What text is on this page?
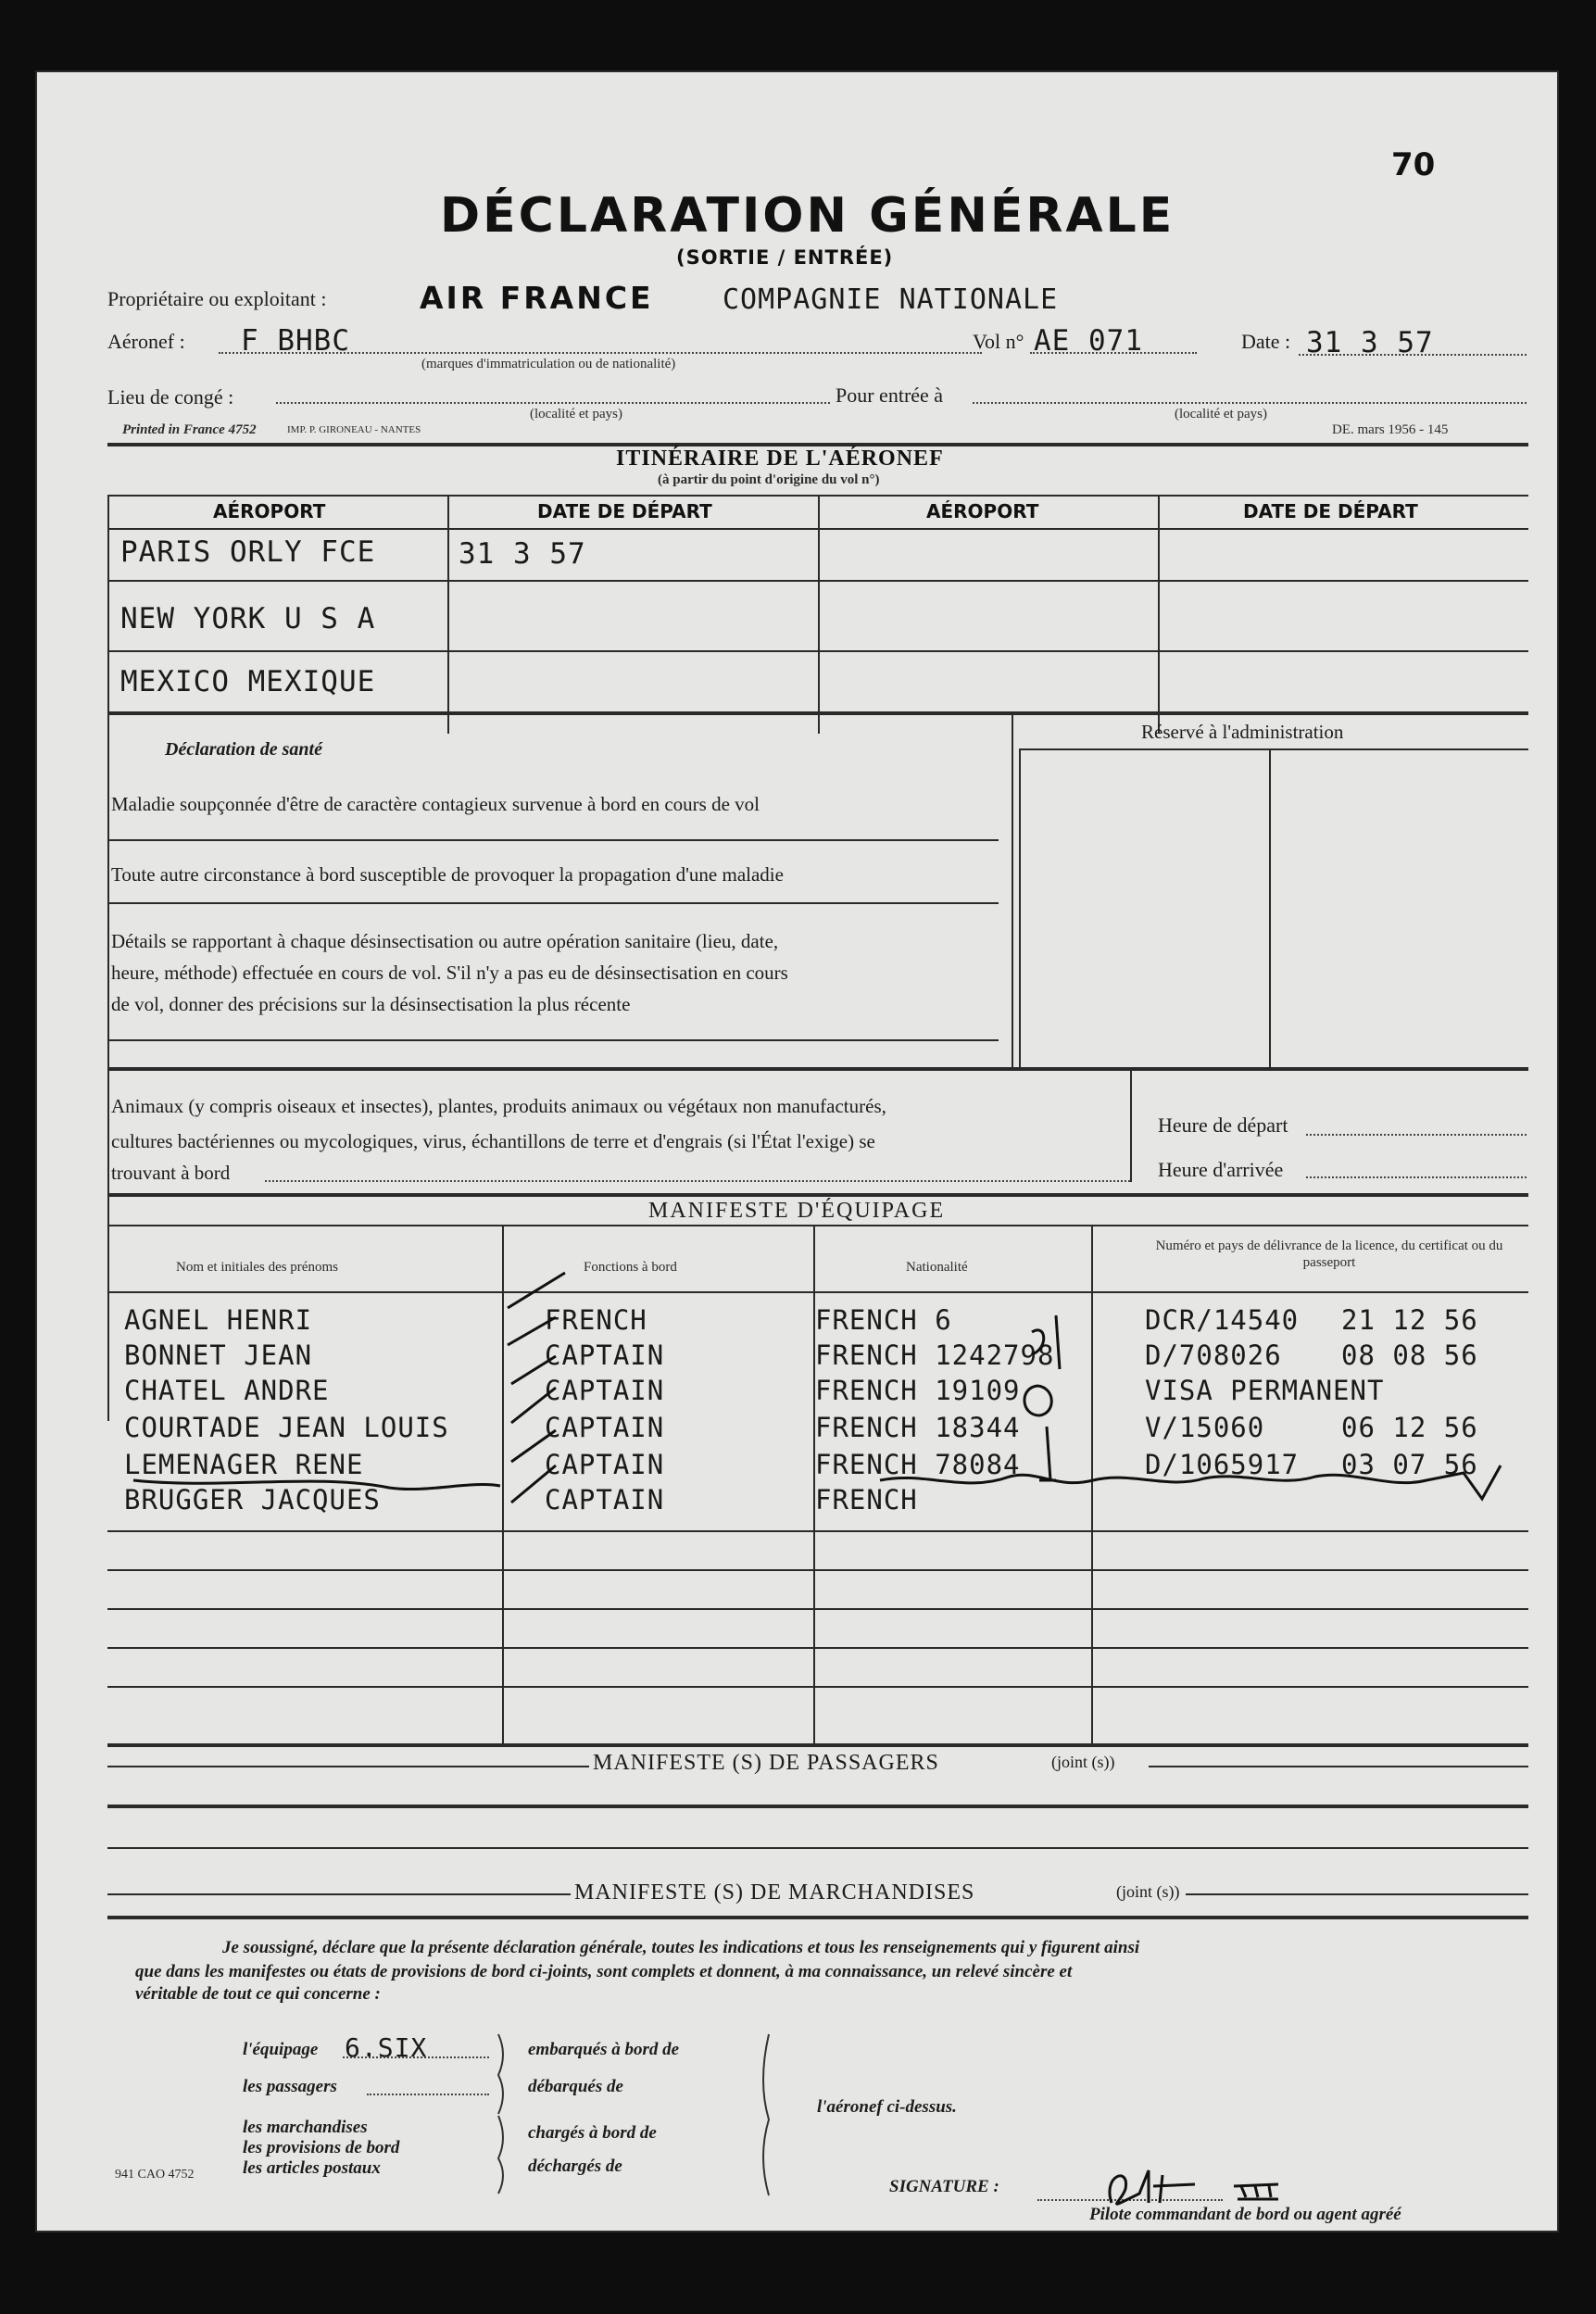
70
DÉCLARATION GÉNÉRALE
(SORTIE / ENTRÉE)
Propriétaire ou exploitant :	AIR FRANCE COMPAGNIE NATIONALE
Aéronef : F BHBC
(marques d'immatriculation ou de nationalité)
Vol n° AE 071	Date : 31 3 57
Lieu de congé :
(localité et pays)
Pour entrée à
(localité et pays)
Printed in France 4752	IMP. P. GIRONEAU - NANTES	DE. mars 1956 - 145
ITINÉRAIRE DE L'AÉRONEF
(à partir du point d'origine du vol n°)
AÉROPORT	DATE DE DÉPART	AÉROPORT	DATE DE DÉPART
PARIS ORLY FCE	31 3 57
NEW YORK U S A
MEXICO MEXIQUE
Déclaration de santé
Maladie soupçonnée d'être de caractère contagieux survenue à bord en cours de vol
Toute autre circonstance à bord susceptible de provoquer la propagation d'une maladie
Détails se rapportant à chaque désinsectisation ou autre opération sanitaire (lieu, date,
heure, méthode) effectuée en cours de vol. S'il n'y a pas eu de désinsectisation en cours
de vol, donner des précisions sur la désinsectisation la plus récente
Réservé à l'administration
Animaux (y compris oiseaux et insectes), plantes, produits animaux ou végétaux non manufacturés,
cultures bactériennes ou mycologiques, virus, échantillons de terre et d'engrais (si l'État l'exige) se
trouvant à bord
Heure de départ
Heure d'arrivée
MANIFESTE D'ÉQUIPAGE
Nom et initiales des prénoms	Fonctions à bord	Nationalité
Numéro et pays de délivrance de la licence, du certificat ou du passeport
AGNEL HENRI	FRENCH	FRENCH 6	DCR/14540 21 12 56
BONNET JEAN	CAPTAIN	FRENCH 1242798	D/708026 08 08 56
CHATEL ANDRE	CAPTAIN	FRENCH 19109	VISA PERMANENT
COURTADE JEAN LOUIS	CAPTAIN	FRENCH 18344	V/15060	06 12 56
LEMENAGER RENE	CAPTAIN	FRENCH 78084	D/1065917 03 07 56
BRUGGER JACQUES	CAPTAIN	FRENCH
MANIFESTE (S) DE PASSAGERS	(joint (s))
MANIFESTE (S) DE MARCHANDISES	(joint (s))
Je soussigné, déclare que la présente déclaration générale, toutes les indications et tous les renseignements qui y figurent ainsi
que dans les manifestes ou états de provisions de bord ci-joints, sont complets et donnent, à ma connaissance, un relevé sincère et
véritable de tout ce qui concerne :
l'équipage 6.SIX
les passagers
les marchandises
les provisions de bord
les articles postaux
embarqués à bord de
débarqués de
chargés à bord de
déchargés de
l'aéronef ci-dessus.
SIGNATURE :
Pilote commandant de bord ou agent agréé
941 CAO 4752
